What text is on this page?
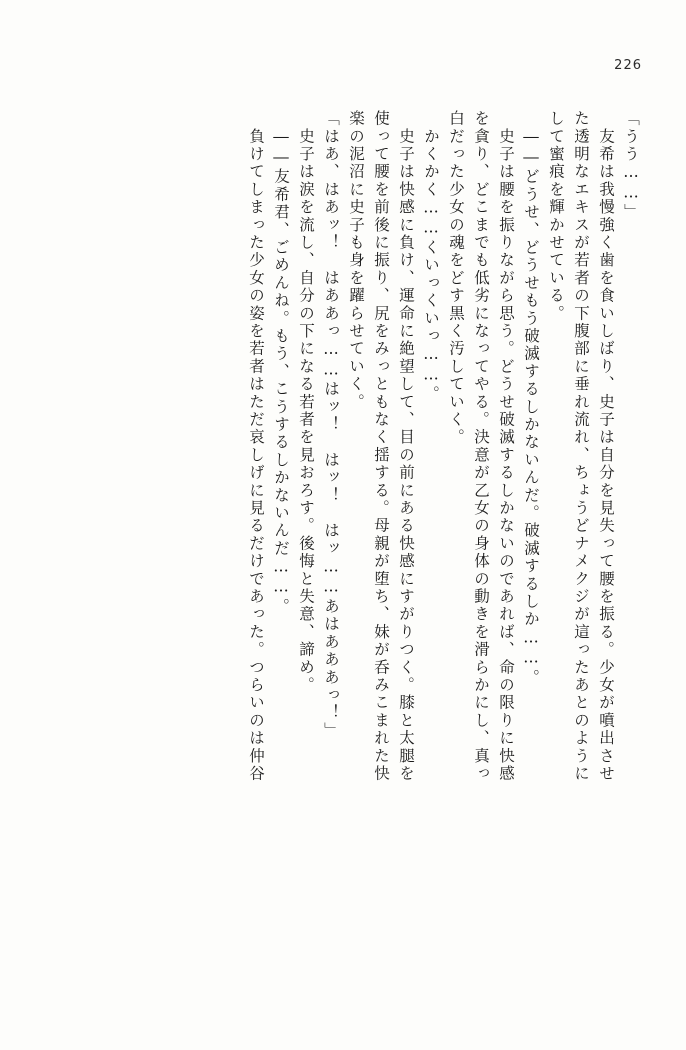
226
「うう……」
　友希は我慢強く歯を食いしばり、史子は自分を見失って腰を振る。少女が噴出させ
た透明なエキスが若者の下腹部に垂れ流れ、ちょうどナメクジが這ったあとのように
して蜜痕を輝かせている。
　――どうせ、どうせもう破滅するしかないんだ。破滅するしか……。
　史子は腰を振りながら思う。どうせ破滅するしかないのであれば、命の限りに快感
を貪り、どこまでも低劣になってやる。決意が乙女の身体の動きを滑らかにし、真っ
白だった少女の魂をどす黒く汚していく。
　かくかく……くいっくいっ……。
　史子は快感に負け、運命に絶望して、目の前にある快感にすがりつく。膝と太腿を
使って腰を前後に振り、尻をみっともなく揺する。母親が堕ち、妹が呑みこまれた快
楽の泥沼に史子も身を躍らせていく。
「はあ、はあッ！　はああっ……はッ！　はッ！　はッ……あはあああっ！」
　史子は涙を流し、自分の下になる若者を見おろす。後悔と失意、諦め。
　――友希君、ごめんね。もう、こうするしかないんだ……。
　負けてしまった少女の姿を若者はただ哀しげに見るだけであった。つらいのは仲谷
